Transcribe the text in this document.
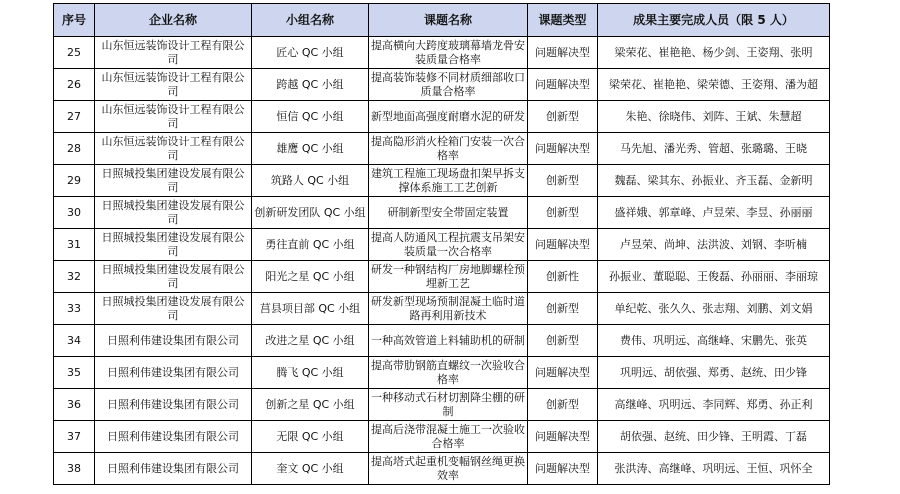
序号	企业名称	小组名称	课题名称	课题类型	成果主要完成人员（限 5 人）
25	山东恒远装饰设计工程有限公司	匠心 QC 小组	提高横向大跨度玻璃幕墙龙骨安装质量合格率	问题解决型	梁荣花、崔艳艳、杨少剑、王姿翔、张明
26	山东恒远装饰设计工程有限公司	跨越 QC 小组	提高装饰装修不同材质细部收口质量合格率	问题解决型	梁荣花、崔艳艳、梁荣德、王姿翔、潘为超
27	山东恒远装饰设计工程有限公司	恒信 QC 小组	新型地面高强度耐磨水泥的研发	创新型	朱艳、徐晓伟、刘阵、王斌、朱慧超
28	山东恒远装饰设计工程有限公司	雄鹰 QC 小组	提高隐形消火栓箱门安装一次合格率	问题解决型	马先旭、潘光秀、管超、张璐璐、王晓
29	日照城投集团建设发展有限公司	筑路人 QC 小组	建筑工程施工现场盘扣架早拆支撑体系施工工艺创新	创新型	魏磊、梁其东、孙振业、齐玉磊、金新明
30	日照城投集团建设发展有限公司	创新研发团队 QC 小组	研制新型安全带固定装置	创新型	盛祥娥、郭章峰、卢昱荣、李昱、孙丽丽
31	日照城投集团建设发展有限公司	勇往直前 QC 小组	提高人防通风工程抗震支吊架安装质量一次合格率	问题解决型	卢昱荣、尚坤、法洪波、刘钢、李听楠
32	日照城投集团建设发展有限公司	阳光之星 QC 小组	研发一种钢结构厂房地脚螺栓预埋新工艺	创新性	孙振业、董聪聪、王俊磊、孙丽丽、李丽琼
33	日照城投集团建设发展有限公司	莒县项目部 QC 小组	研发新型现场预制混凝土临时道路再利用新技术	创新型	单纪乾、张久久、张志翔、刘鹏、刘文娟
34	日照利伟建设集团有限公司	改进之星 QC 小组	一种高效管道上料辅助机的研制	创新型	费伟、巩明远、高继峰、宋鹏先、张英
35	日照利伟建设集团有限公司	腾飞 QC 小组	提高带肋钢筋直螺纹一次验收合格率	问题解决型	巩明远、胡依强、郑勇、赵统、田少锋
36	日照利伟建设集团有限公司	创新之星 QC 小组	一种移动式石材切割降尘棚的研制	创新型	高继峰、巩明远、李同辉、郑勇、孙正利
37	日照利伟建设集团有限公司	无限 QC 小组	提高后浇带混凝土施工一次验收合格率	问题解决型	胡依强、赵统、田少锋、王明霞、丁磊
38	日照利伟建设集团有限公司	奎文 QC 小组	提高塔式起重机变幅钢丝绳更换效率	问题解决型	张洪涛、高继峰、巩明远、王恒、巩怀全
